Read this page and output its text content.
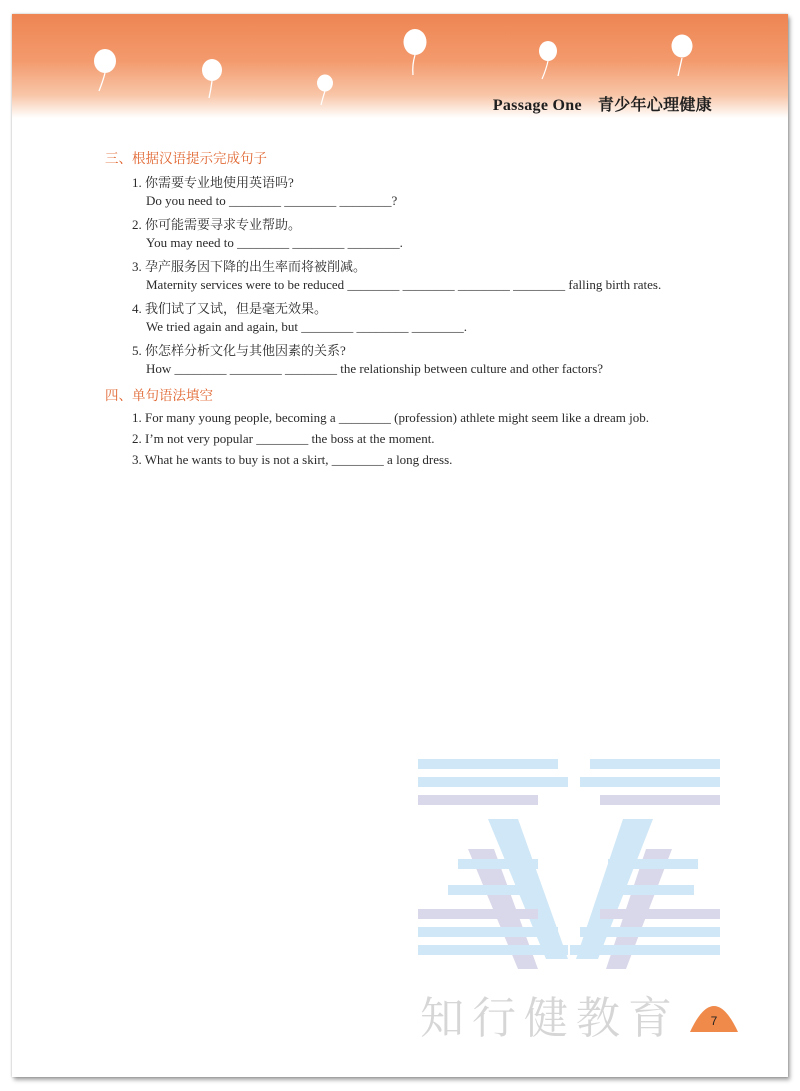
Passage One 青少年心理健康
三、根据汉语提示完成句子
1. 你需要专业地使用英语吗?
Do you need to ________ ________ ________?
2. 你可能需要寻求专业帮助。
You may need to ________ ________ ________.
3. 孕产服务因下降的出生率而将被削减。
Maternity services were to be reduced ________ ________ ________ ________ falling birth rates.
4. 我们试了又试，但是毫无效果。
We tried again and again, but ________ ________ ________.
5. 你怎样分析文化与其他因素的关系?
How ________ ________ ________ the relationship between culture and other factors?
四、单句语法填空
1. For many young people, becoming a ________ (profession) athlete might seem like a dream job.
2. I’m not very popular ________ the boss at the moment.
3. What he wants to buy is not a skirt, ________ a long dress.
知行健教育	7
